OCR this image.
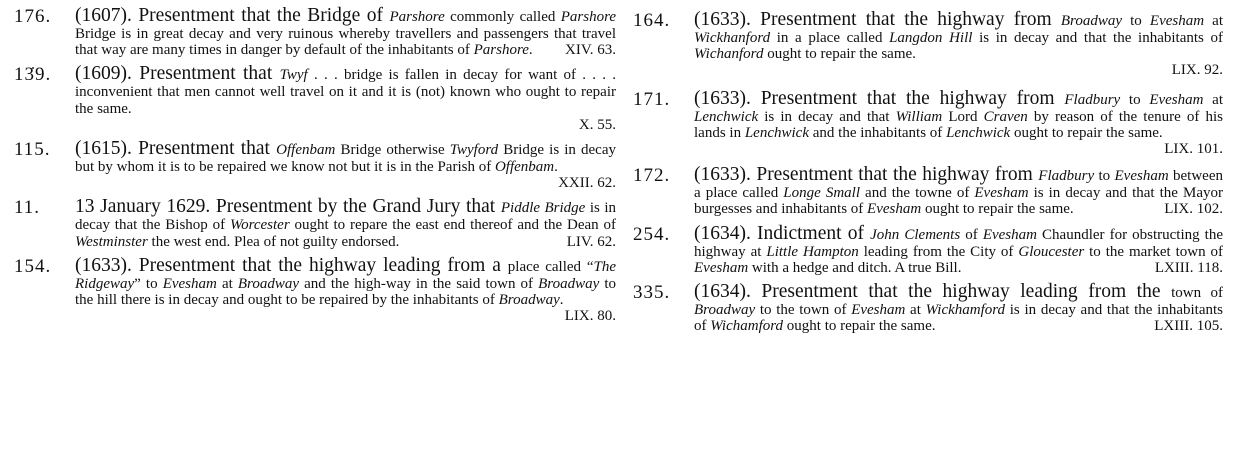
176. (1607). Presentment that the Bridge of Parshore commonly called Parshore Bridge is in great decay and very ruinous whereby travellers and passengers that travel that way are many times in danger by default of the inhabitants of Parshore.	XIV. 63.
139. (1609). Presentment that Twyf . . . bridge is fallen in decay for want of . . . . inconvenient that men cannot well travel on it and it is (not) known who ought to repair the same.
X. 55.
115. (1615). Presentment that Offenbam Bridge otherwise Twyford Bridge is in decay but by whom it is to be repaired we know not but it is in the Parish of Offenbam.
XXII. 62.
11. 13 January 1629. Presentment by the Grand Jury that Piddle Bridge is in decay that the Bishop of Worcester ought to repare the east end thereof and the Dean of Westminster the west end. Plea of not guilty endorsed.	LIV. 62.
154. (1633). Presentment that the highway leading from a place called “The Ridgeway” to Evesham at Broadway and the high-way in the said town of Broadway to the hill there is in decay and ought to be repaired by the inhabitants of Broadway.
LIX. 80.
164. (1633). Presentment that the highway from Broadway to Evesham at Wickhanford in a place called Langdon Hill is in decay and that the inhabitants of Wichanford ought to repair the same.
LIX. 92.
171. (1633). Presentment that the highway from Fladbury to Evesham at Lenchwick is in decay and that William Lord Craven by reason of the tenure of his lands in Lenchwick and the inhabitants of Lenchwick ought to repair the same.
LIX. 101.
172. (1633). Presentment that the highway from Fladbury to Evesham between a place called Longe Small and the towne of Evesham is in decay and that the Mayor burgesses and inhabitants of Evesham ought to repair the same.	LIX. 102.
254. (1634). Indictment of John Clements of Evesham Chaundler for obstructing the highway at Little Hampton leading from the City of Gloucester to the market town of Evesham with a hedge and ditch. A true Bill.	LXIII. 118.
335. (1634). Presentment that the highway leading from the town of Broadway to the town of Evesham at Wickhamford is in decay and that the inhabitants of Wichamford ought to repair the same.	LXIII. 105.
